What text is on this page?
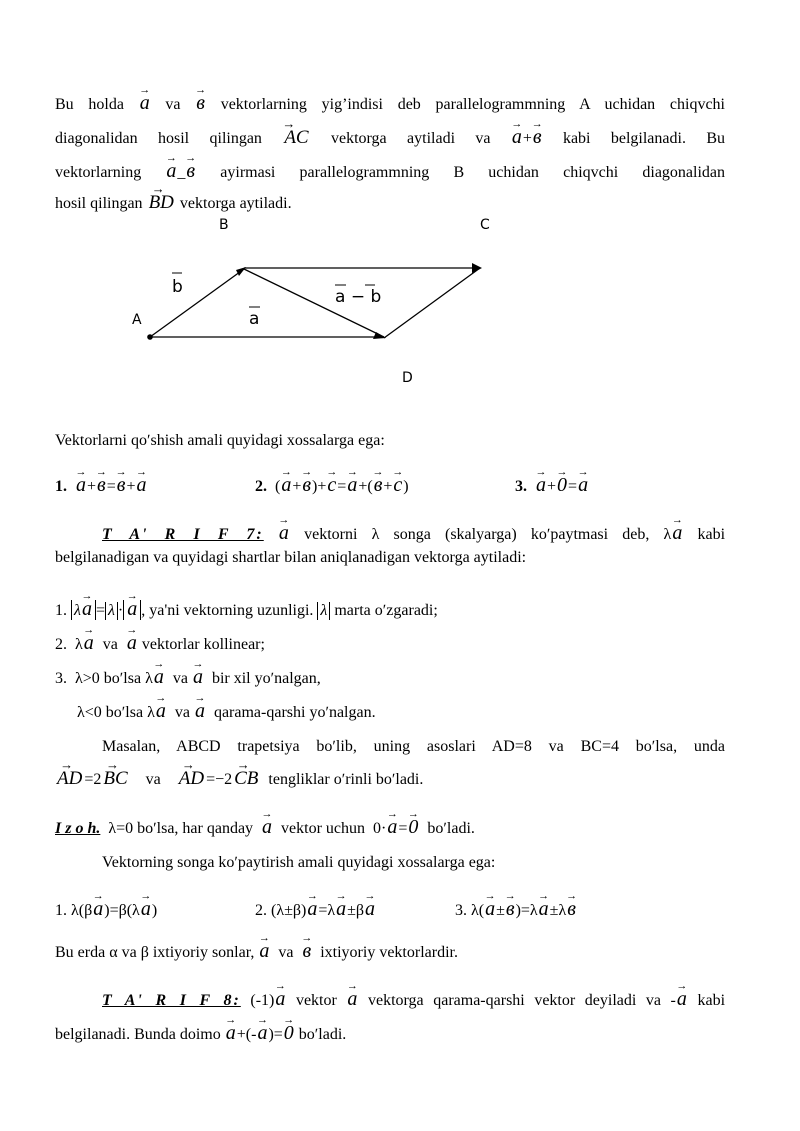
Bu holda → a va → в vektorlarning yig’indisi deb parallelogrammning A uchidan chiqvchi
diagonalidan hosil qilingan → AC vektorga aytiladi va → a+→ в kabi belgilanadi. Bu
vektorlarning → a_→ в ayirmasi parallelogrammning B uchidan chiqvchi diagonalidan
hosil qilingan → BD vektorga aytiladi.
B	C
A
D
b
a
a − b
Vektorlarni qoʹshish amali quyidagi xossalarga ega:
1. → a+→ в=→ в+→ a	2.  (→ a+→ в)+→ c=→ a+(→ в+→ c)	3. → a+→ 0=→ a
T A' R I F 7: → a vektorni λ songa (skalyarga) koʹpaytmasi deb, λ→ a kabi
belgilanadigan va quyidagi shartlar bilan aniqlanadigan vektorga aytiladi:
1. λ→ a = λ · → a , ya'ni vektorning uzunligi. λ marta oʹzgaradi;
2. λ→ a va → a vektorlar kollinear;
3. λ>0 boʹlsa λ→ a va → a bir xil yoʹnalgan,
λ<0 boʹlsa λ→ a va → a qarama-qarshi yoʹnalgan.
Masalan, ABCD trapetsiya boʹlib, uning asoslari AD=8 va BC=4 boʹlsa, unda
→ AD =2 → BC va → AD =−2 → CB tengliklar oʹrinli boʹladi.
I z o h. λ=0 boʹlsa, har qanday → a vektor uchun 0·→ a=→ 0 boʹladi.
Vektorning songa koʹpaytirish amali quyidagi xossalarga ega:
1. λ(β→ a)=β(λ→ a)	2. (λ±β)→ a=λ→ a±β→ a	3. λ(→ a±→ в)=λ→ a±λ→ в
Bu erda α va β ixtiyoriy sonlar, → a va → в ixtiyoriy vektorlardir.
T A' R I F 8: (-1)→ a vektor → a vektorga qarama-qarshi vektor deyiladi va -→ a kabi
belgilanadi. Bunda doimo → a+(-→ a)=→ 0 boʹladi.
